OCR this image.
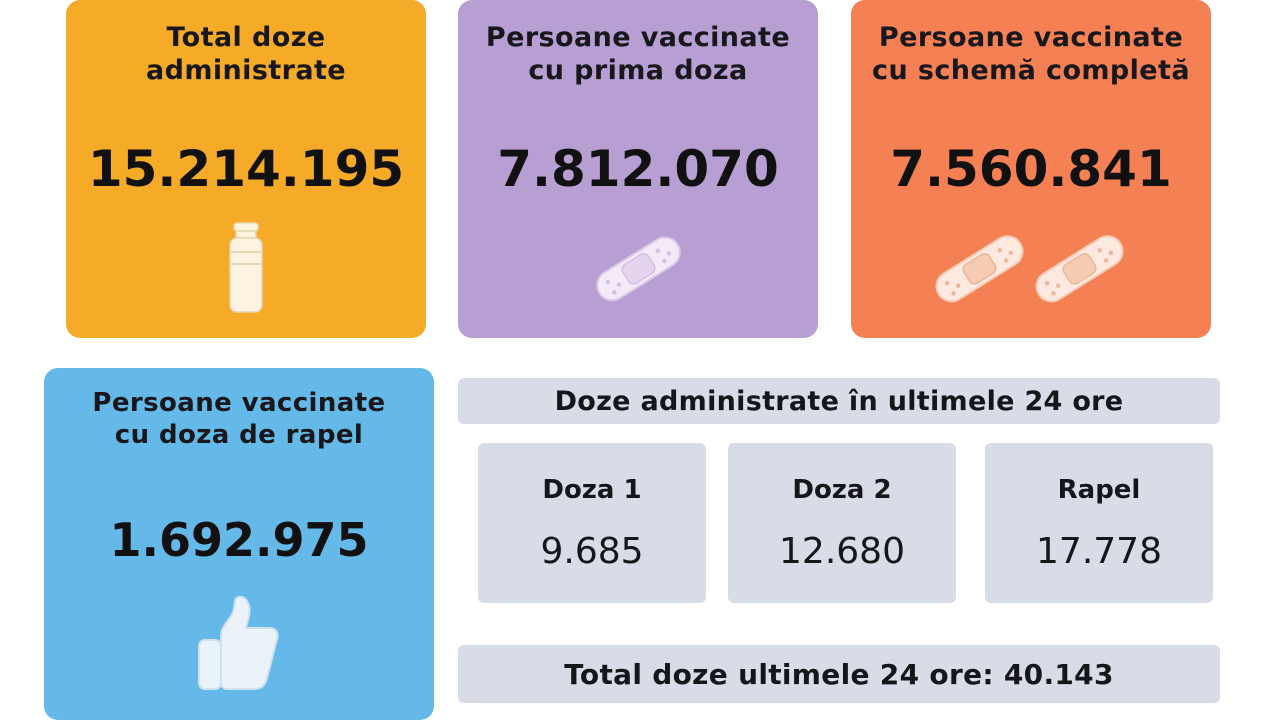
Total doze
administrate
15.214.195
Persoane vaccinate
cu prima doza
7.812.070
Persoane vaccinate
cu schemă completă
7.560.841
Persoane vaccinate
cu doza de rapel
1.692.975
Doze administrate în ultimele 24 ore
Doza 1
9.685
Doza 2
12.680
Rapel
17.778
Total doze ultimele 24 ore: 40.143
